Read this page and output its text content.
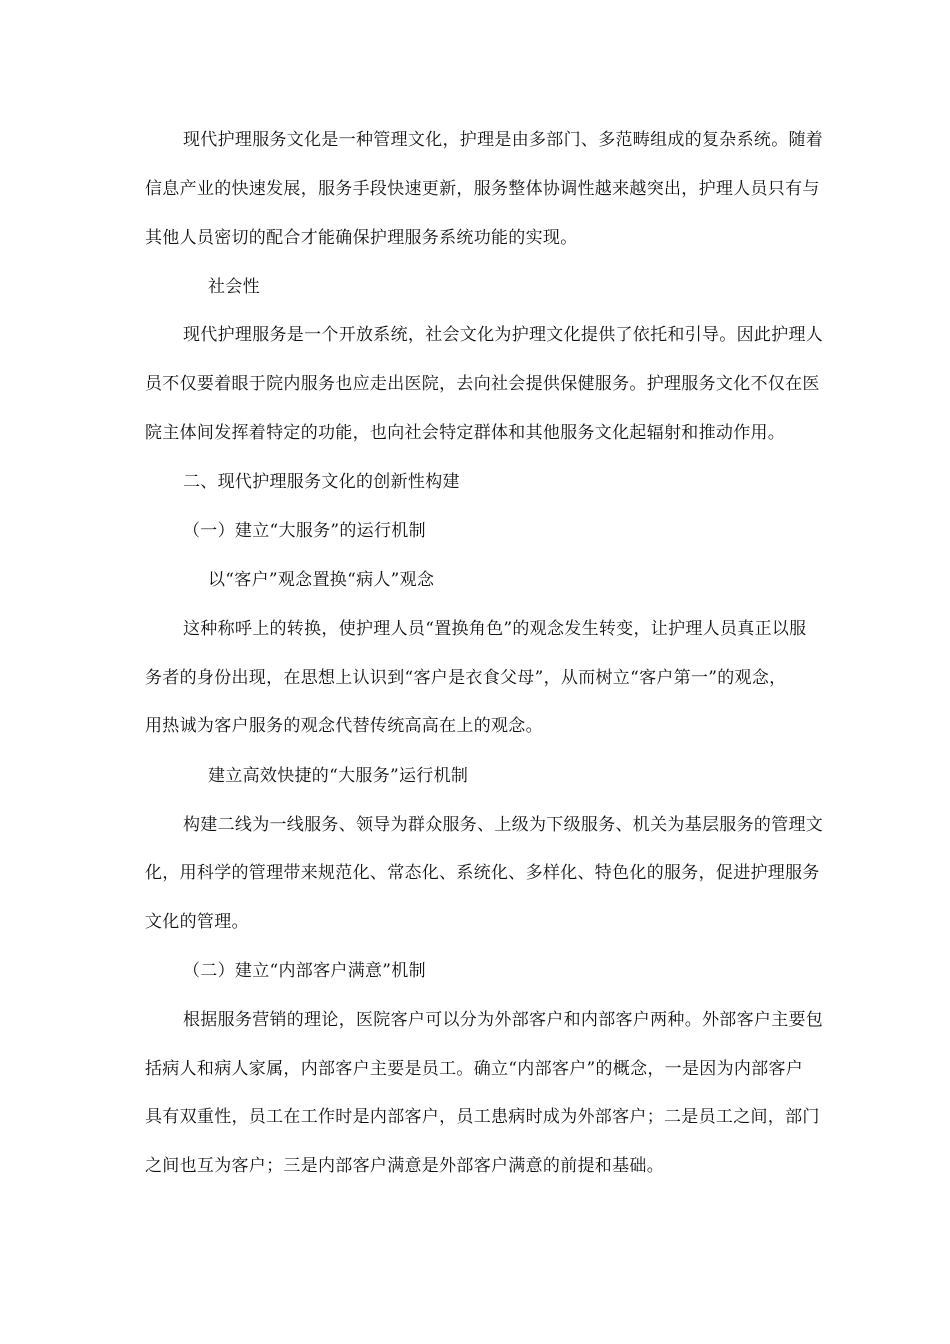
现代护理服务文化是一种管理文化，护理是由多部门、多范畴组成的复杂系统。随着
信息产业的快速发展，服务手段快速更新，服务整体协调性越来越突出，护理人员只有与
其他人员密切的配合才能确保护理服务系统功能的实现。
社会性
现代护理服务是一个开放系统，社会文化为护理文化提供了依托和引导。因此护理人
员不仅要着眼于院内服务也应走出医院，去向社会提供保健服务。护理服务文化不仅在医
院主体间发挥着特定的功能，也向社会特定群体和其他服务文化起辐射和推动作用。
二、现代护理服务文化的创新性构建
（一）建立“大服务”的运行机制
以“客户”观念置换“病人”观念
这种称呼上的转换，使护理人员“置换角色”的观念发生转变，让护理人员真正以服
务者的身份出现，在思想上认识到“客户是衣食父母”，从而树立“客户第一”的观念，
用热诚为客户服务的观念代替传统高高在上的观念。
建立高效快捷的“大服务”运行机制
构建二线为一线服务、领导为群众服务、上级为下级服务、机关为基层服务的管理文
化，用科学的管理带来规范化、常态化、系统化、多样化、特色化的服务，促进护理服务
文化的管理。
（二）建立“内部客户满意”机制
根据服务营销的理论，医院客户可以分为外部客户和内部客户两种。外部客户主要包
括病人和病人家属，内部客户主要是员工。确立“内部客户”的概念，一是因为内部客户
具有双重性，员工在工作时是内部客户，员工患病时成为外部客户；二是员工之间，部门
之间也互为客户；三是内部客户满意是外部客户满意的前提和基础。
